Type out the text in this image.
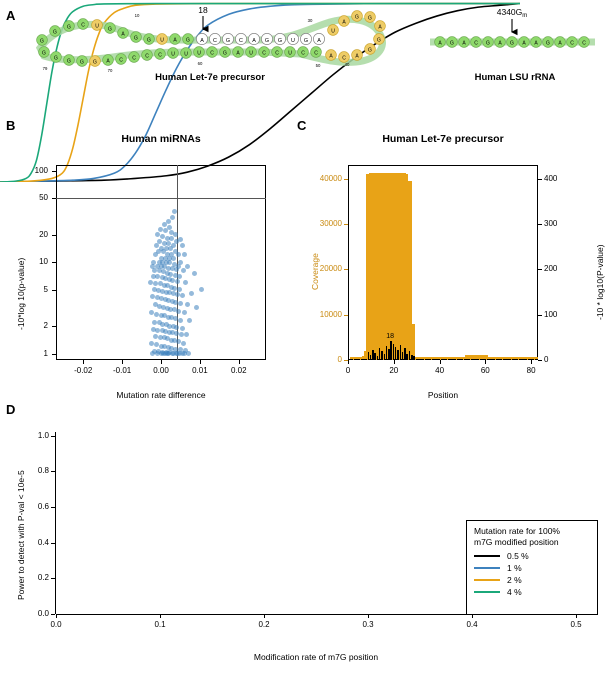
A
G
G
G C U G
A
G G U A G A C G C A G G U G A
U
A
G G
A
G
G
A
C
A
C
C
U
C
C
U
A
G
C
U
U
U
C
C
C
C
A
G
G
G
G
G
10
20
30
40
50
60
70
79
18
A G A C G A G A A G A C C
$4340G_m$
Human Let-7e precursor	Human LSU rRNA
B
Human miRNAs
Mutation rate difference
-10*log 10(p-value)
C
Human Let-7e precursor
18
Position
Coverage	-10 * log10(P-value)
D
Modification rate of m7G position
Power to detect with P-val < 10e-5	Mutation rate for 100%
m7G modified position
0.5 %
1 %
2 %
4 %
-0.02	-0.01	0.00	0.01	0.02
1
2
5
10
20
50
100
0	20	40	60	80
0
10000
20000
30000
40000
0
100
200
300
400
0.0	0.1	0.2	0.3	0.4	0.5
0.0
0.2
0.4
0.6
0.8
1.0
